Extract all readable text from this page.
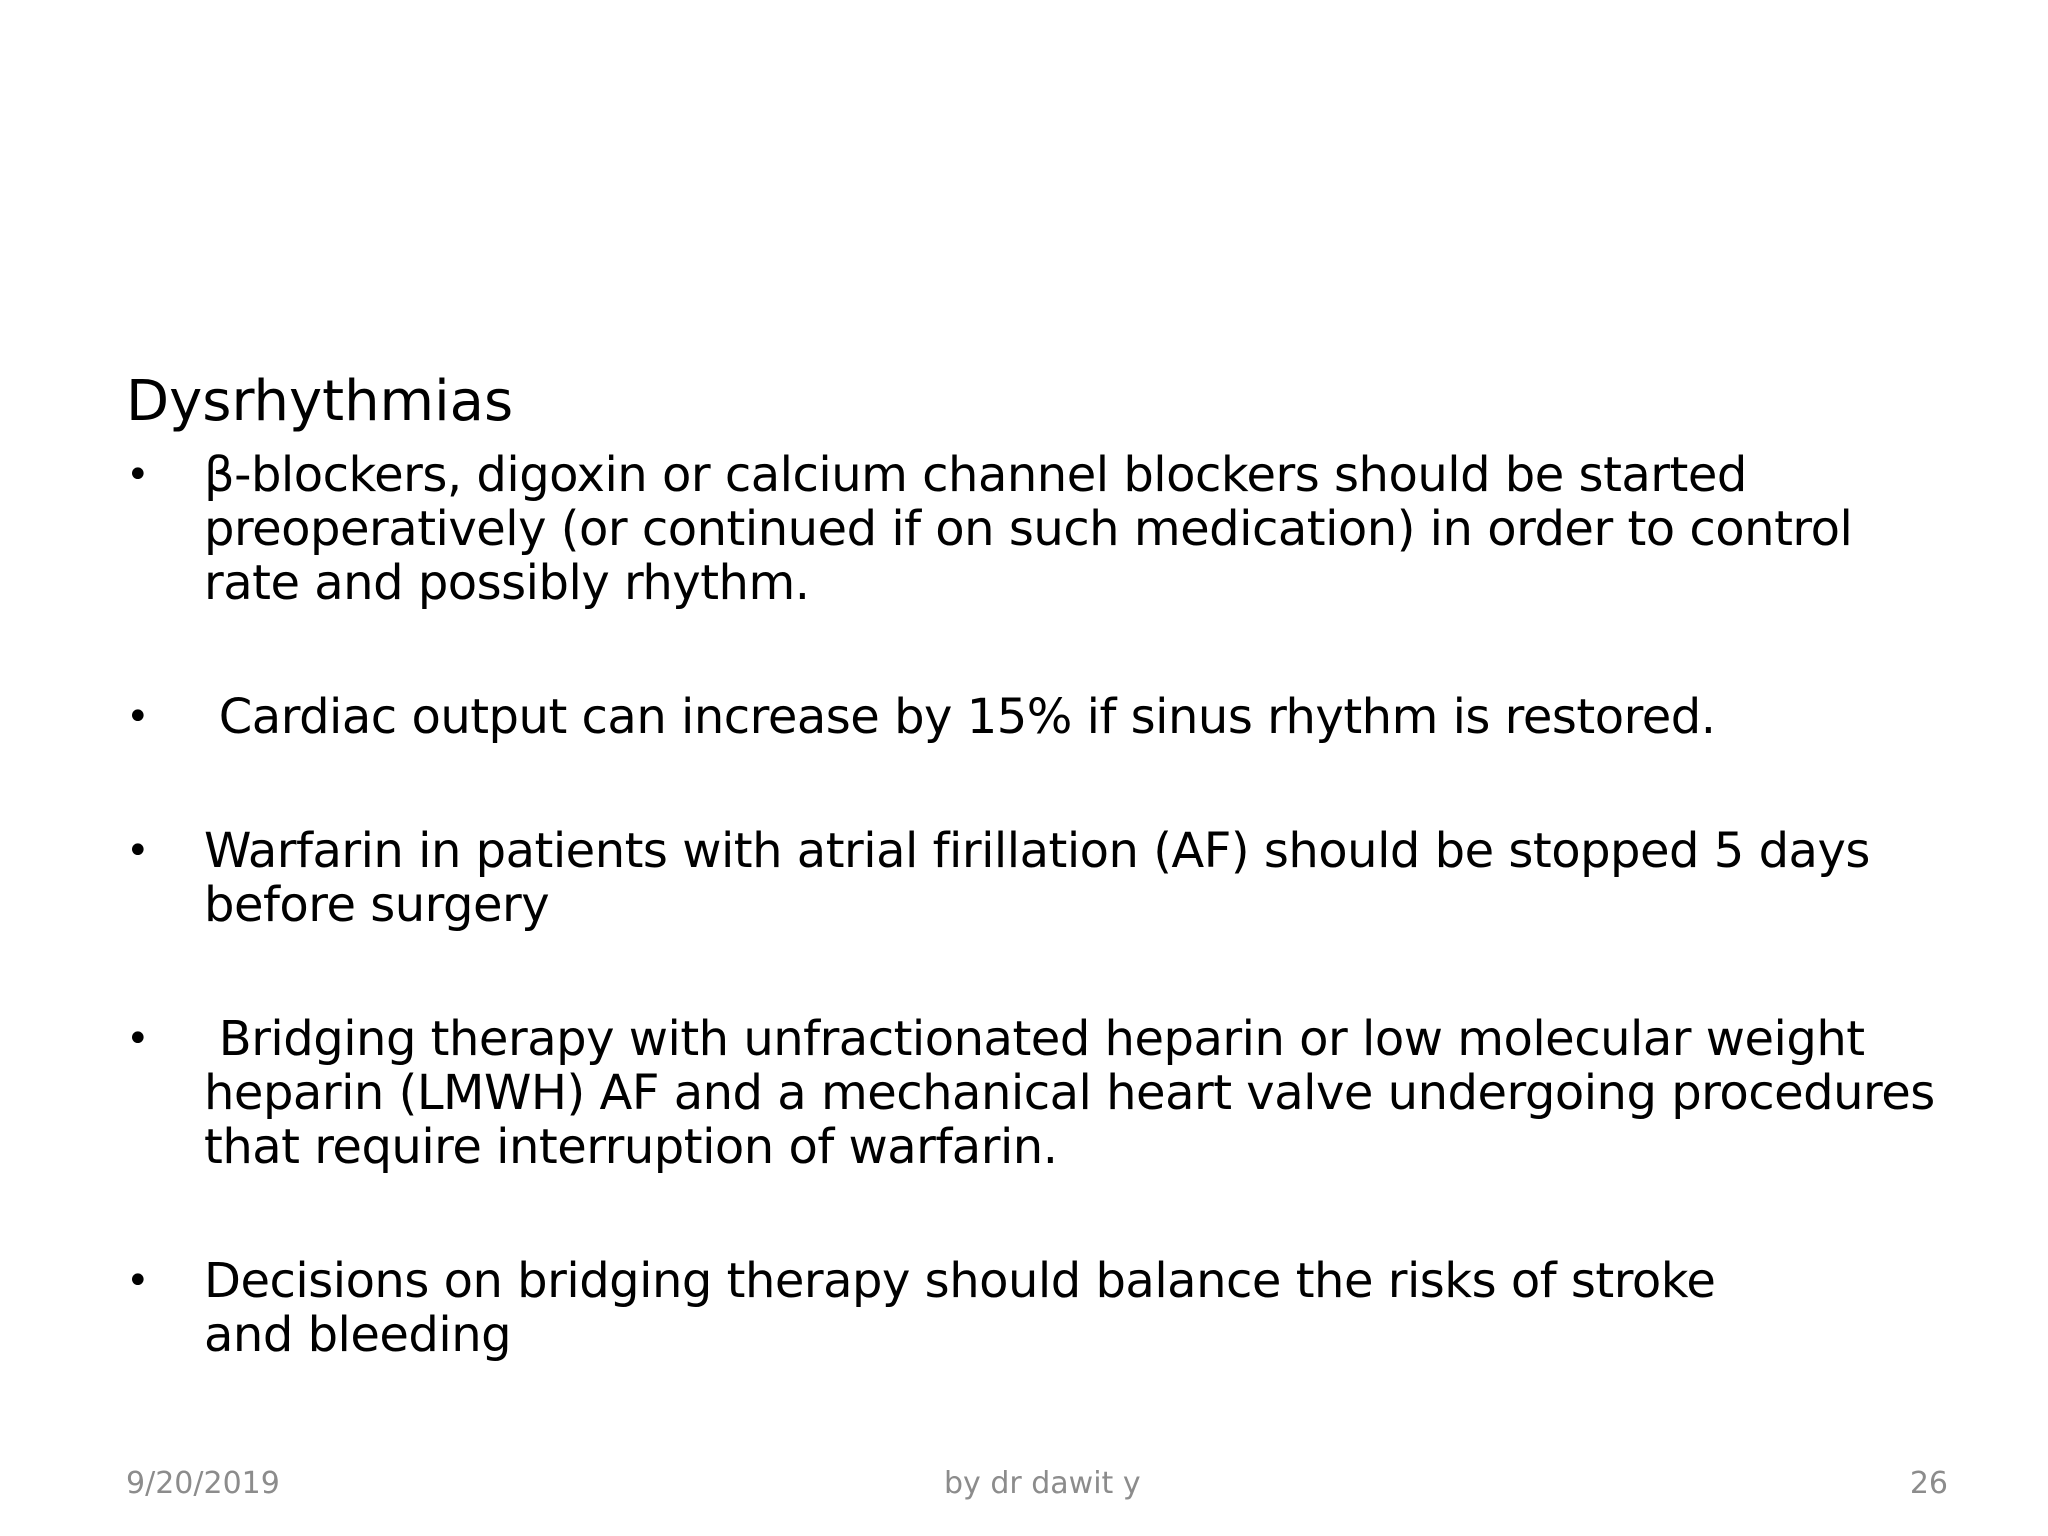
Dysrhythmias
•	β-blockers, digoxin or calcium channel blockers should be started
preoperatively (or continued if on such medication) in order to control
rate and possibly rhythm.
•	Cardiac output can increase by 15% if sinus rhythm is restored.
•	Warfarin in patients with atrial firillation (AF) should be stopped 5 days
before surgery
•	Bridging therapy with unfractionated heparin or low molecular weight
heparin (LMWH) AF and a mechanical heart valve undergoing procedures
that require interruption of warfarin.
•	Decisions on bridging therapy should balance the risks of stroke
and bleeding
9/20/2019	by dr dawit y	26
